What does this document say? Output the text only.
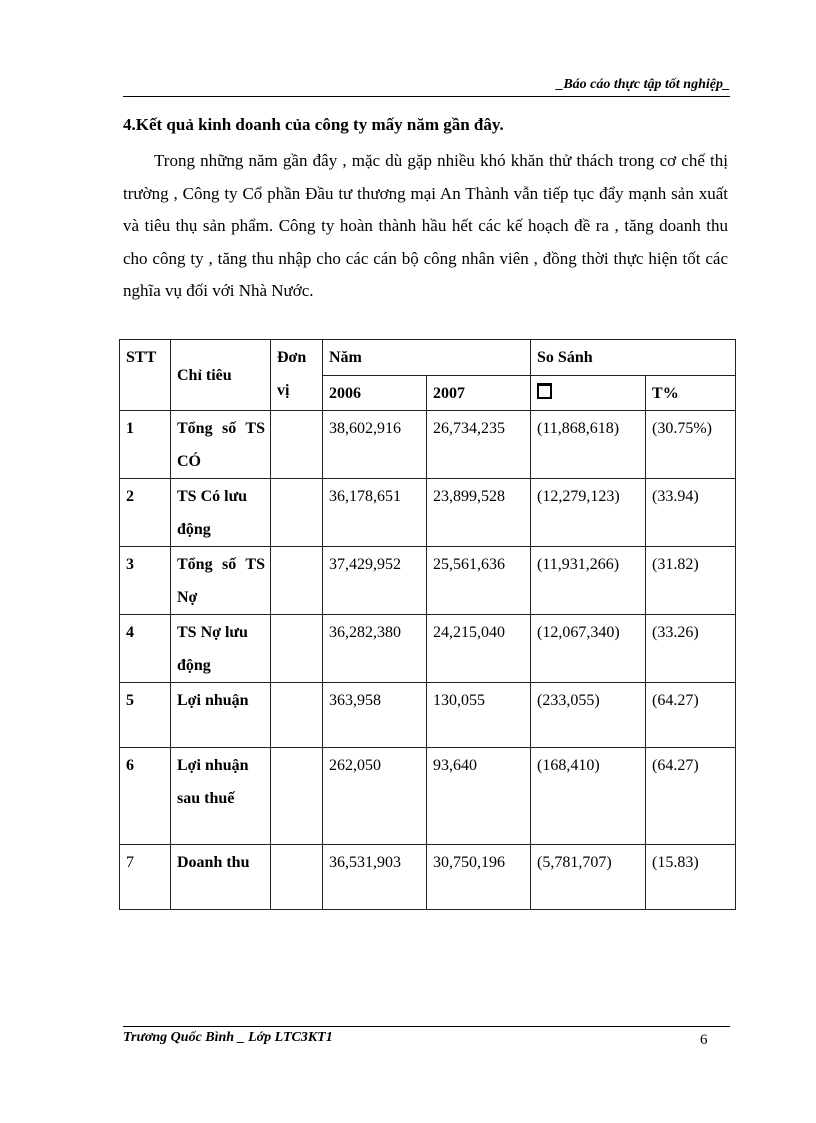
_Báo cáo thực tập tốt nghiệp_
4.Kết quả kinh doanh của công ty mấy năm gần đây.
Trong những năm gần đây , mặc dù gặp nhiều khó khăn thử thách trong cơ chế thị trường , Công ty Cổ phần Đầu tư thương mại An Thành vẫn tiếp tục đẩy mạnh sản xuất và tiêu thụ sản phẩm. Công ty hoàn thành hầu hết các kế hoạch đề ra , tăng doanh thu cho công ty , tăng thu nhập cho các cán bộ công nhân viên , đồng thời thực hiện tốt các nghĩa vụ đối với Nhà Nước.
STT	Chỉ tiêu	Đơn vị	Năm		So Sánh	
			2006	2007		T%
1	Tổng số TS CÓ		38,602,916	26,734,235	(11,868,618)	(30.75%)
2	TS Có lưu động		36,178,651	23,899,528	(12,279,123)	(33.94)
3	Tổng số TS Nợ		37,429,952	25,561,636	(11,931,266)	(31.82)
4	TS Nợ lưu động		36,282,380	24,215,040	(12,067,340)	(33.26)
5	Lợi nhuận		363,958	130,055	(233,055)	(64.27)
6	Lợi nhuận sau thuế		262,050	93,640	(168,410)	(64.27)
7	Doanh thu		36,531,903	30,750,196	(5,781,707)	(15.83)
Trương Quốc Bình _ Lớp LTC3KT1	6
